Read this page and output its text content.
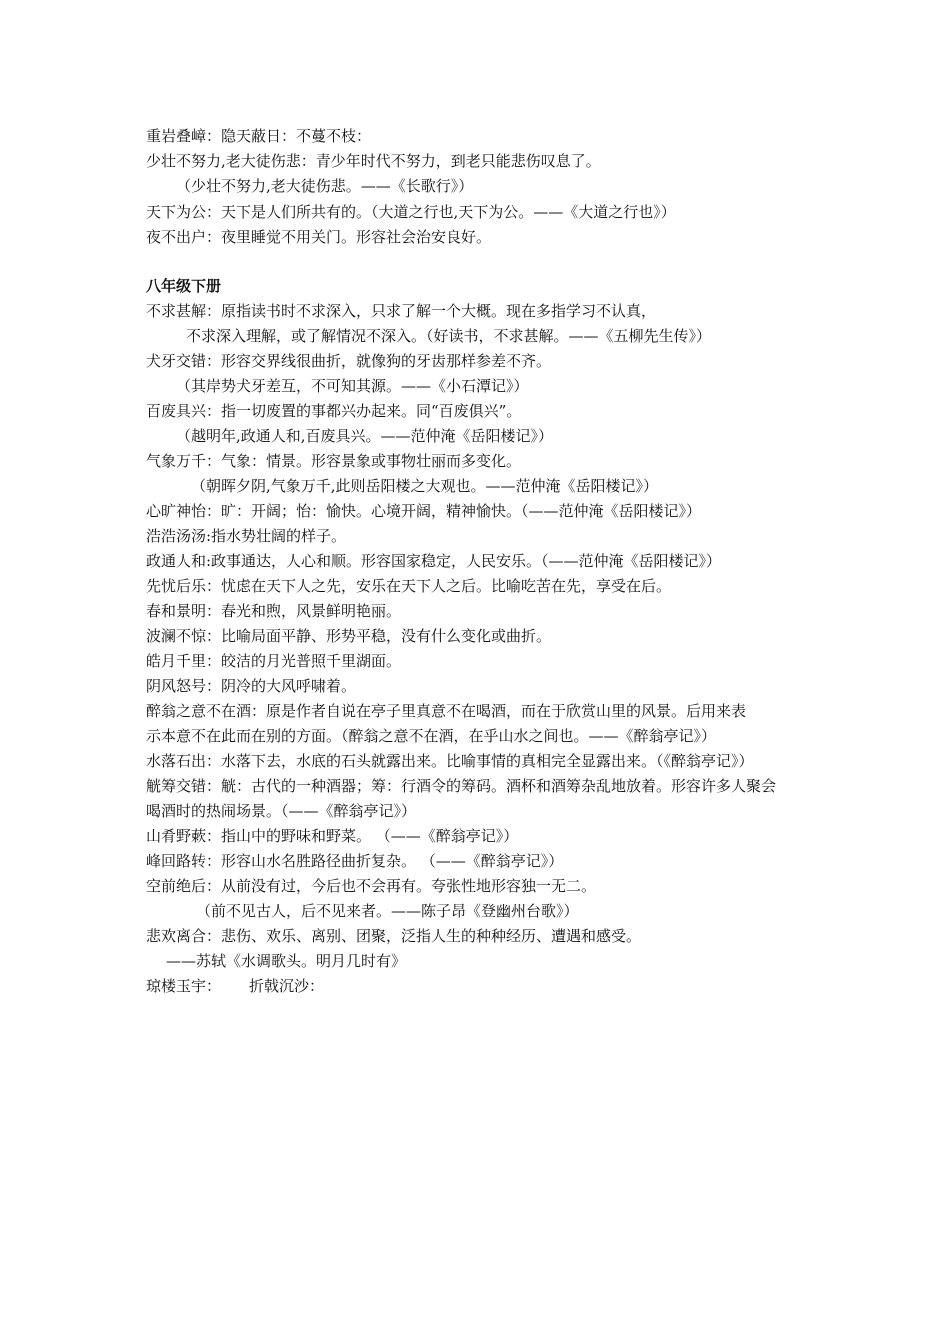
重岩叠嶂：隐天蔽日：不蔓不枝：
少壮不努力,老大徒伤悲：青少年时代不努力，到老只能悲伤叹息了。
（少壮不努力,老大徒伤悲。——《长歌行》）
天下为公：天下是人们所共有的。（大道之行也,天下为公。——《大道之行也》）
夜不出户：夜里睡觉不用关门。形容社会治安良好。
八年级下册
不求甚解：原指读书时不求深入，只求了解一个大概。现在多指学习不认真，
不求深入理解，或了解情况不深入。（好读书，不求甚解。——《五柳先生传》）
犬牙交错：形容交界线很曲折，就像狗的牙齿那样参差不齐。
（其岸势犬牙差互，不可知其源。——《小石潭记》）
百废具兴：指一切废置的事都兴办起来。同“百废俱兴”。
（越明年,政通人和,百废具兴。——范仲淹《岳阳楼记》）
气象万千：气象：情景。形容景象或事物壮丽而多变化。
（朝晖夕阴,气象万千,此则岳阳楼之大观也。——范仲淹《岳阳楼记》）
心旷神怡：旷：开阔；怡：愉快。心境开阔，精神愉快。（——范仲淹《岳阳楼记》）
浩浩汤汤:指水势壮阔的样子。
政通人和:政事通达，人心和顺。形容国家稳定，人民安乐。（——范仲淹《岳阳楼记》）
先忧后乐：忧虑在天下人之先，安乐在天下人之后。比喻吃苦在先，享受在后。
春和景明：春光和煦，风景鲜明艳丽。
波澜不惊：比喻局面平静、形势平稳，没有什么变化或曲折。
皓月千里：皎洁的月光普照千里湖面。
阴风怒号：阴冷的大风呼啸着。
醉翁之意不在酒：原是作者自说在亭子里真意不在喝酒，而在于欣赏山里的风景。后用来表
示本意不在此而在别的方面。（醉翁之意不在酒，在乎山水之间也。——《醉翁亭记》）
水落石出：水落下去，水底的石头就露出来。比喻事情的真相完全显露出来。（《醉翁亭记》）
觥筹交错：觥：古代的一种酒器；筹：行酒令的筹码。酒杯和酒筹杂乱地放着。形容许多人聚会
喝酒时的热闹场景。（——《醉翁亭记》）
山肴野蔌：指山中的野味和野菜。 （——《醉翁亭记》）
峰回路转：形容山水名胜路径曲折复杂。 （——《醉翁亭记》）
空前绝后：从前没有过，今后也不会再有。夸张性地形容独一无二。
（前不见古人，后不见来者。——陈子昂《登幽州台歌》）
悲欢离合：悲伤、欢乐、离别、团聚，泛指人生的种种经历、遭遇和感受。
——苏轼《水调歌头。明月几时有》
琼楼玉宇： 折戟沉沙：
